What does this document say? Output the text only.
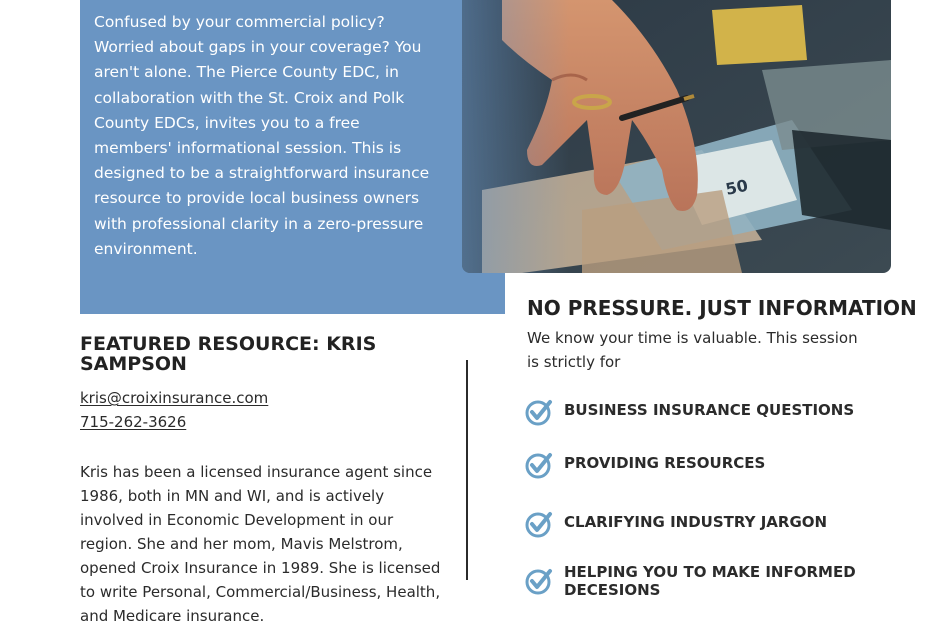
Confused by your commercial policy? Worried about gaps in your coverage? You aren't alone. The Pierce County EDC, in collaboration with the St. Croix and Polk County EDCs, invites you to a free members' informational session. This is designed to be a straightforward insurance resource to provide local business owners with professional clarity in a zero-pressure environment.

FEATURED RESOURCE: KRIS SAMPSON
kris@croixinsurance.com
715-262-3626

Kris has been a licensed insurance agent since 1986, both in MN and WI, and is actively involved in Economic Development in our region. She and her mom, Mavis Melstrom, opened Croix Insurance in 1989. She is licensed to write Personal, Commercial/Business, Health, and Medicare insurance.

NO PRESSURE. JUST INFORMATION

We know your time is valuable. This session is strictly for

BUSINESS INSURANCE QUESTIONS
PROVIDING RESOURCES
CLARIFYING INDUSTRY JARGON
HELPING YOU TO MAKE INFORMED DECESIONS
